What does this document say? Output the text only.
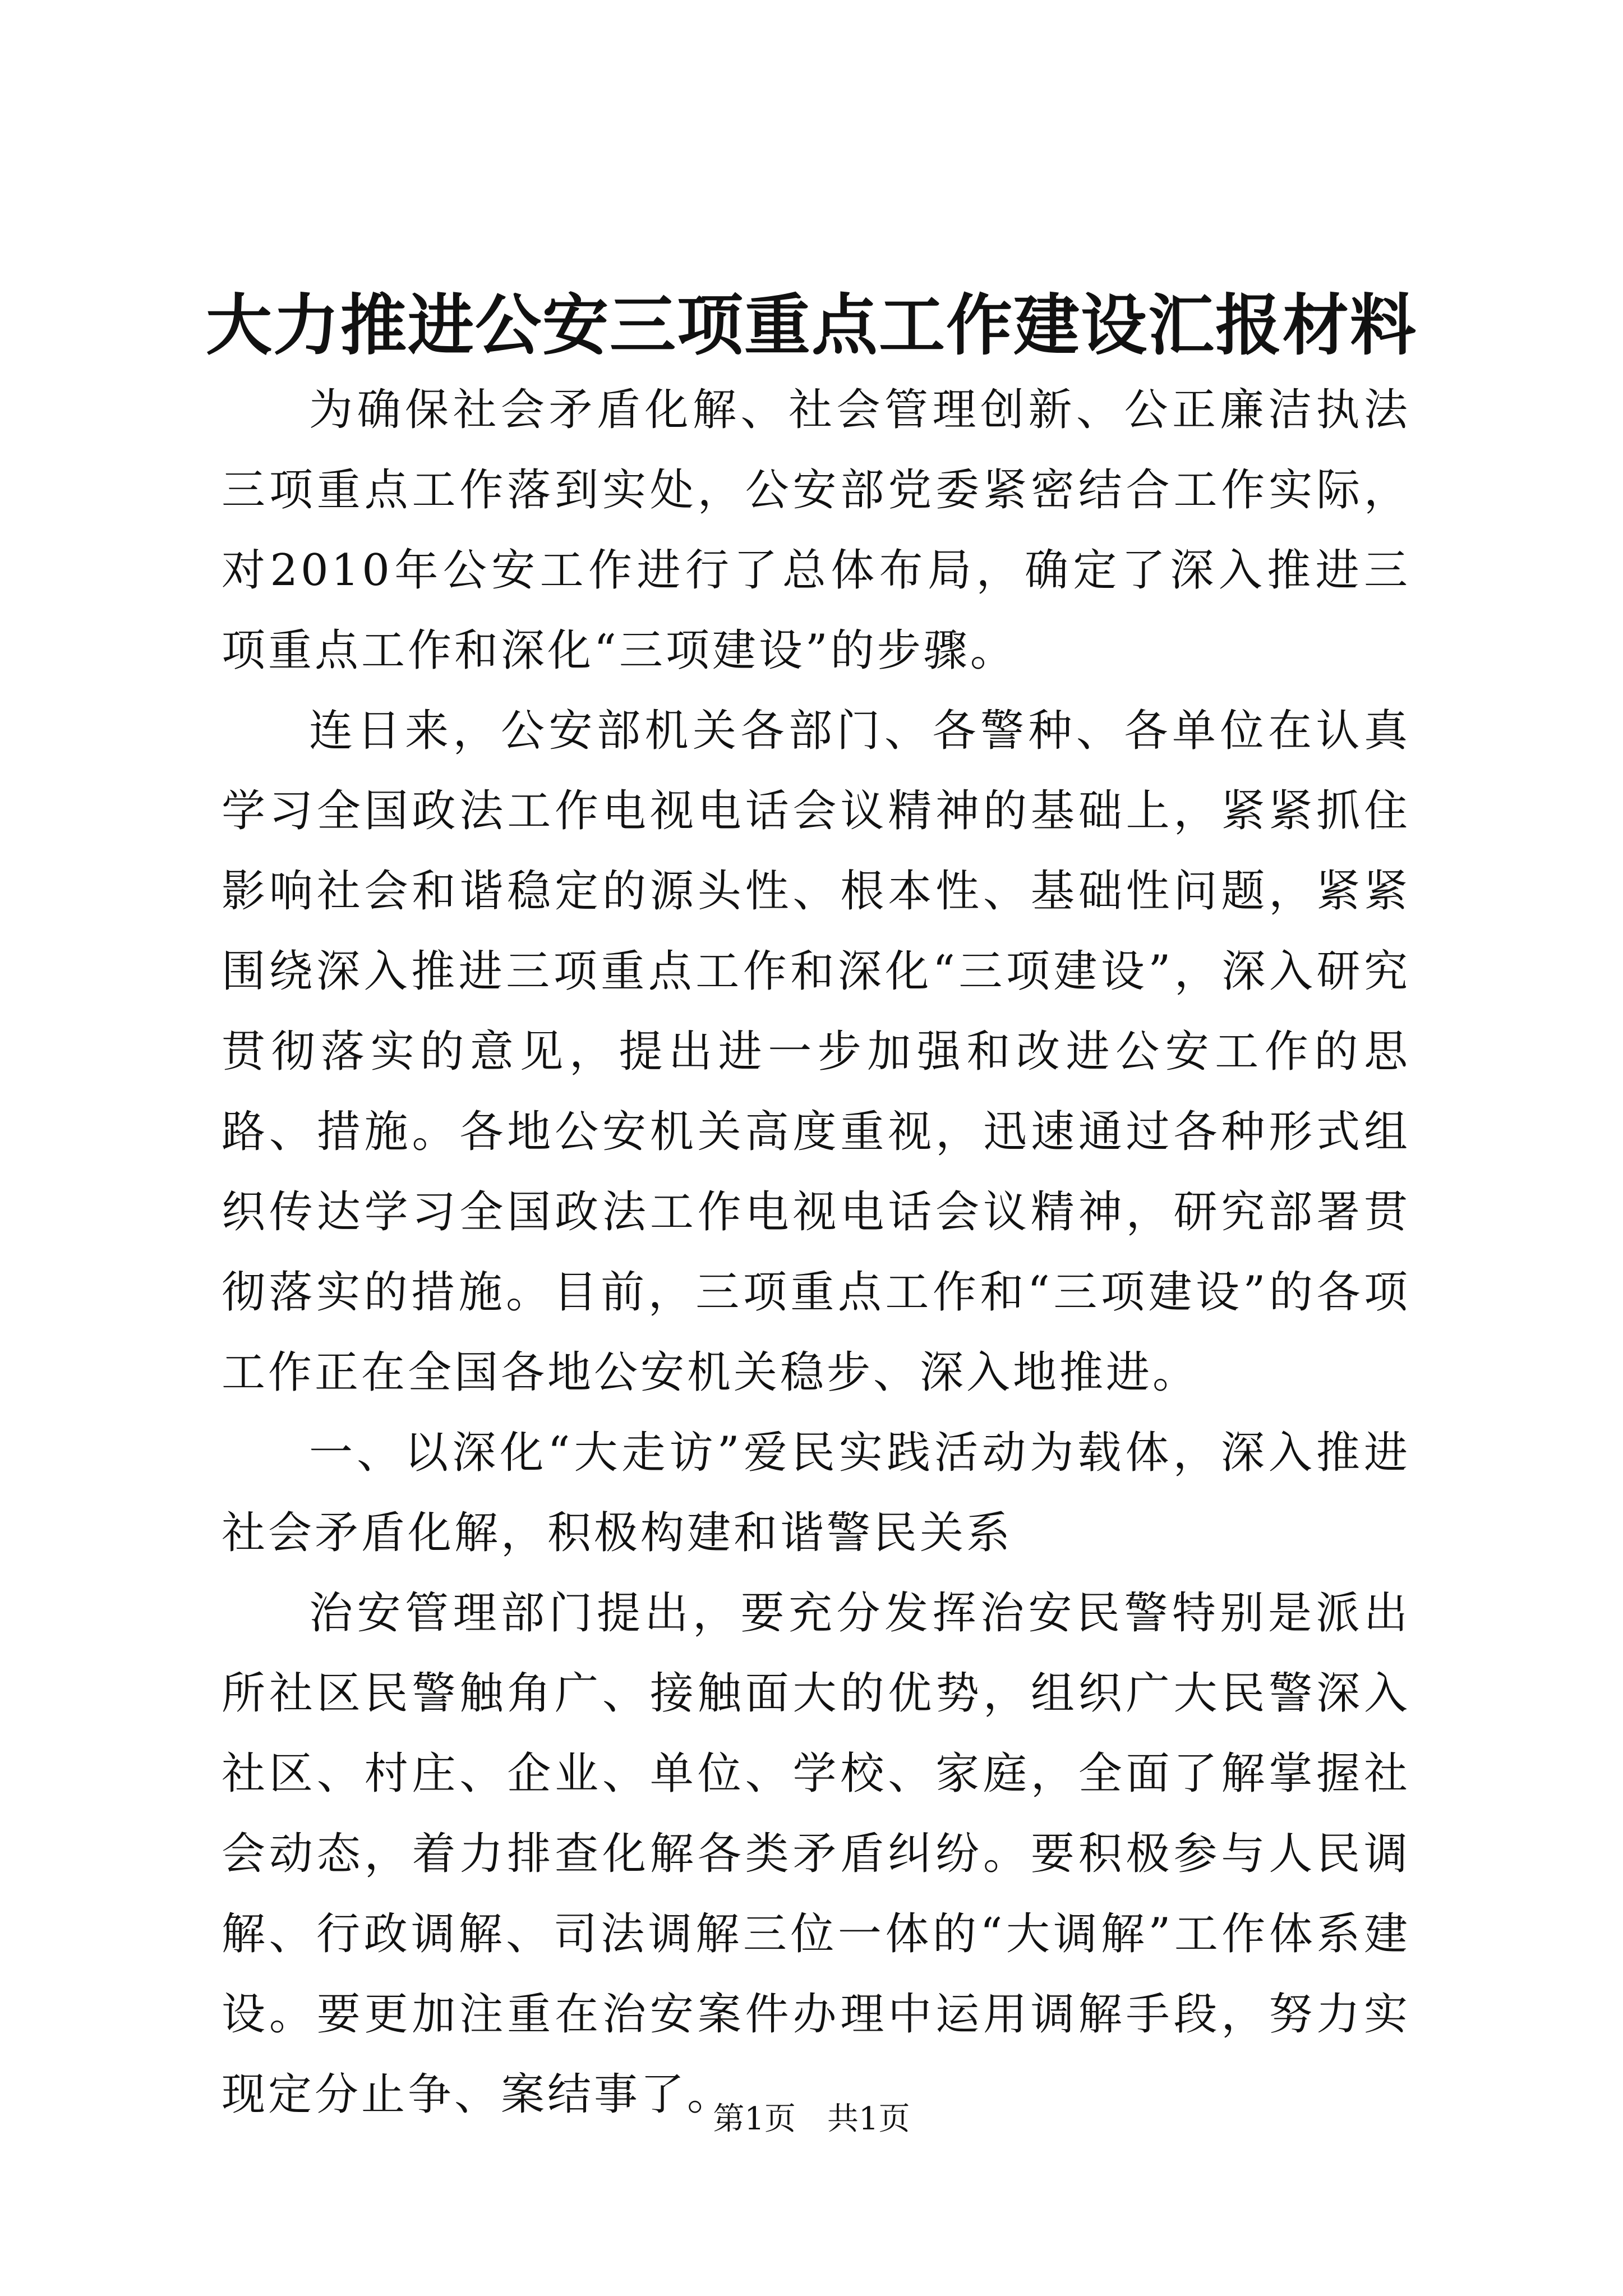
大力推进公安三项重点工作建设汇报材料

为确保社会矛盾化解、社会管理创新、公正廉洁执法三项重点工作落到实处，公安部党委紧密结合工作实际，对2010年公安工作进行了总体布局，确定了深入推进三项重点工作和深化“三项建设”的步骤。

连日来，公安部机关各部门、各警种、各单位在认真学习全国政法工作电视电话会议精神的基础上，紧紧抓住影响社会和谐稳定的源头性、根本性、基础性问题，紧紧围绕深入推进三项重点工作和深化“三项建设”，深入研究贯彻落实的意见，提出进一步加强和改进公安工作的思路、措施。各地公安机关高度重视，迅速通过各种形式组织传达学习全国政法工作电视电话会议精神，研究部署贯彻落实的措施。目前，三项重点工作和“三项建设”的各项工作正在全国各地公安机关稳步、深入地推进。

一、以深化“大走访”爱民实践活动为载体，深入推进社会矛盾化解，积极构建和谐警民关系

治安管理部门提出，要充分发挥治安民警特别是派出所社区民警触角广、接触面大的优势，组织广大民警深入社区、村庄、企业、单位、学校、家庭，全面了解掌握社会动态，着力排查化解各类矛盾纠纷。要积极参与人民调解、行政调解、司法调解三位一体的“大调解”工作体系建设。要更加注重在治安案件办理中运用调解手段，努力实现定分止争、案结事了。

第1页  共1页
